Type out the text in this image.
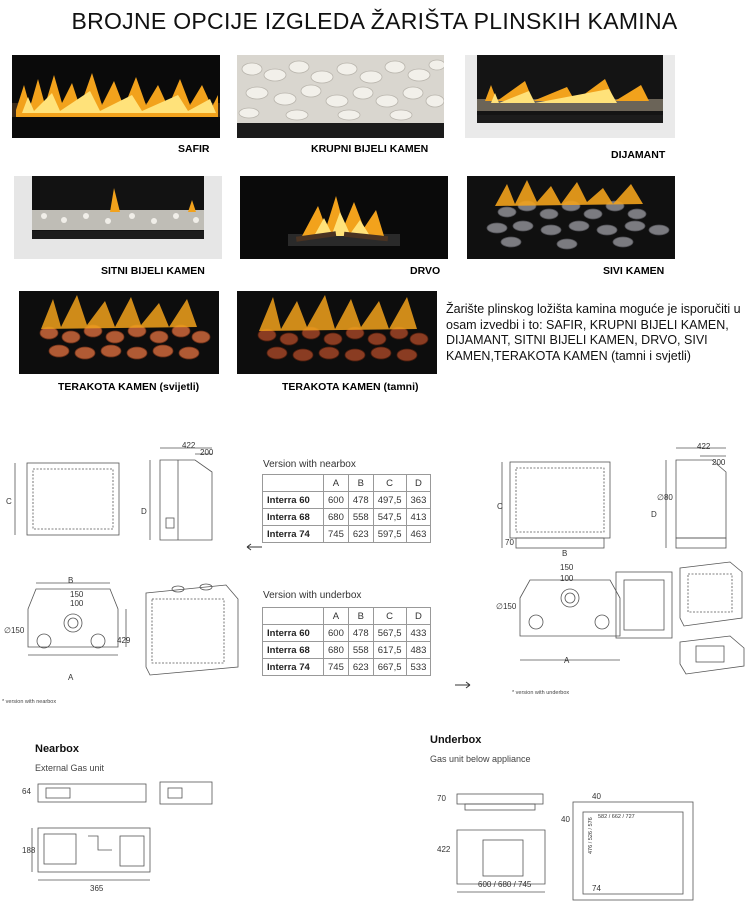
BROJNE OPCIJE IZGLEDA ŽARIŠTA PLINSKIH KAMINA
SAFIR	KRUPNI BIJELI KAMEN	DIJAMANT
SITNI BIJELI KAMEN	DRVO	SIVI KAMEN
TERAKOTA KAMEN (svijetli)	TERAKOTA KAMEN (tamni)
Žarište plinskog ložišta kamina moguće je isporučiti u osam izvedbi i to: SAFIR, KRUPNI BIJELI KAMEN, DIJAMANT, SITNI BIJELI KAMEN, DRVO, SIVI KAMEN,TERAKOTA KAMEN (tamni i svjetli)
C
D
422
200
B
150
100
∅150
429
A
* version with nearbox
Version with nearbox
	A	B	C	D
Interra 60	600	478	497,5	363
Interra 68	680	558	547,5	413
Interra 74	745	623	597,5	463
Version with underbox
	A	B	C	D
Interra 60	600	478	567,5	433
Interra 68	680	558	617,5	483
Interra 74	745	623	667,5	533
422
200
C
D
∅80
70
B
150
100
∅150
A
* version with underbox
Nearbox
External Gas unit
64
188
365
Underbox
Gas unit below appliance
70
422
600 / 680 / 745
40
40	582 / 662 / 727
476 / 526 / 576
74
